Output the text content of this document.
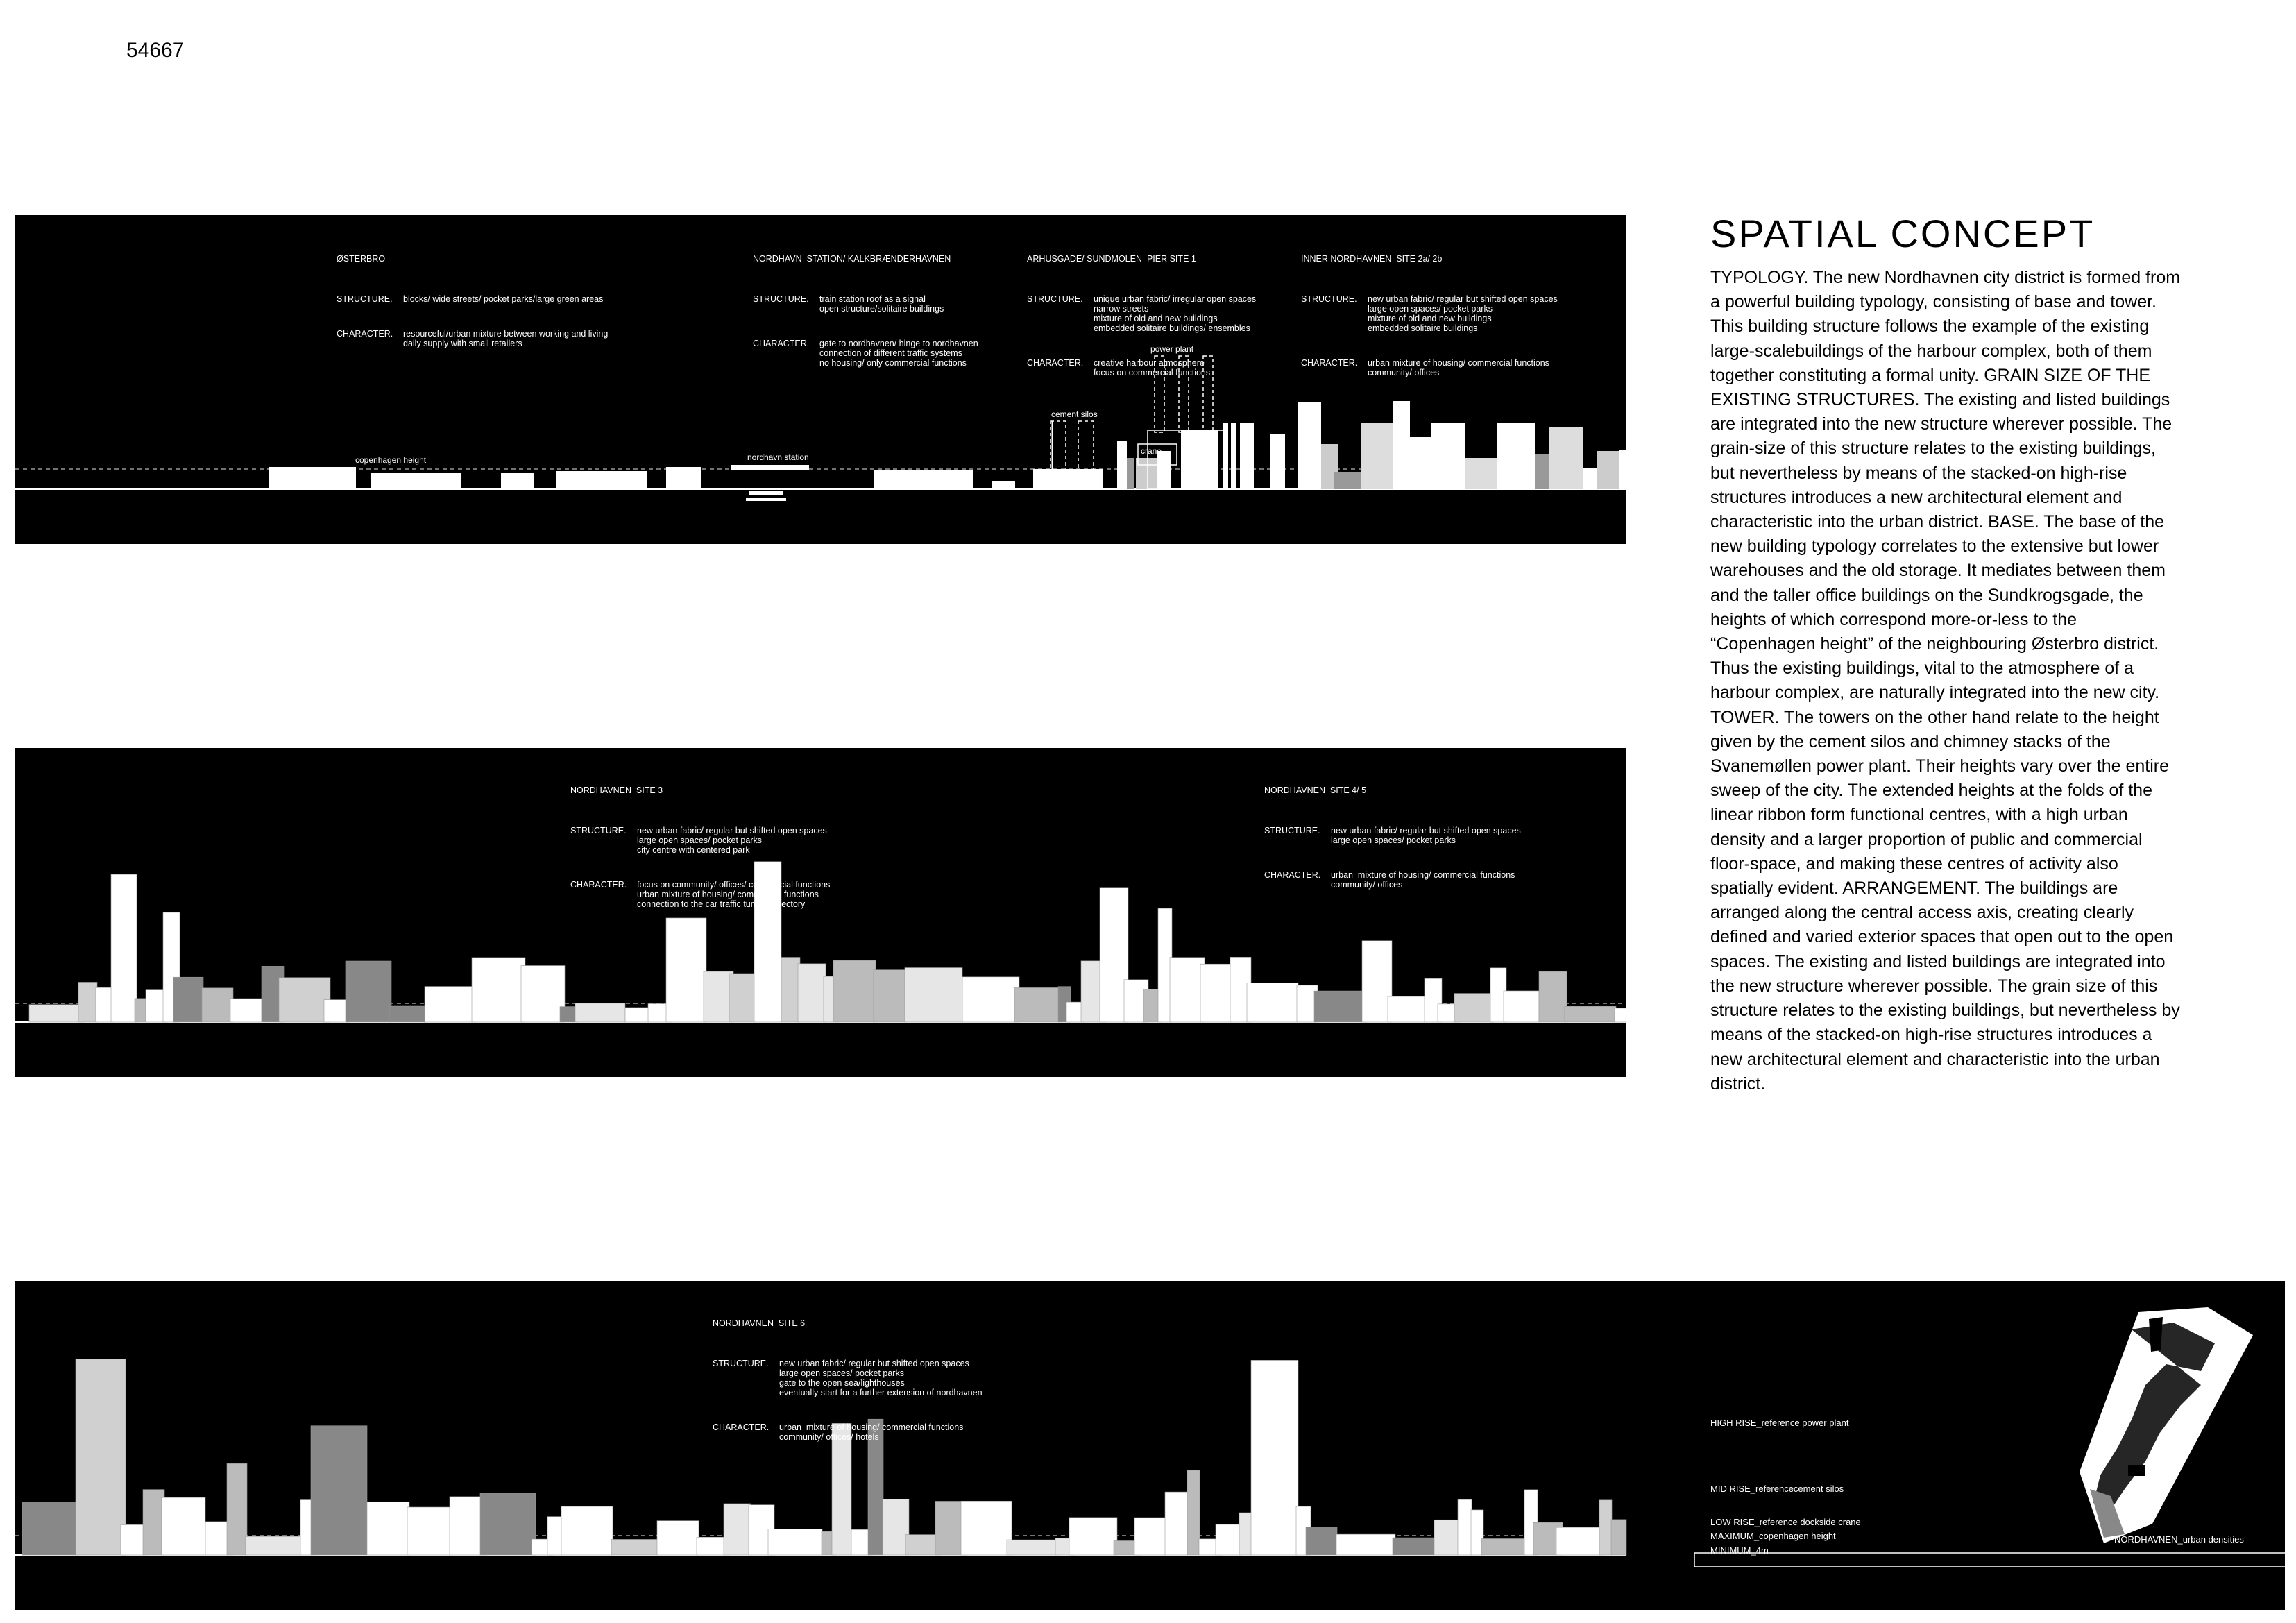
54667

ØSTERBRO

STRUCTURE. blocks/ wide streets/ pocket parks/large green areas

CHARACTER. resourceful/urban mixture between working and living
daily supply with small retailers

NORDHAVN  STATION/ KALKBRÆNDERHAVNEN

STRUCTURE. train station roof as a signal
open structure/solitaire buildings

CHARACTER. gate to nordhavnen/ hinge to nordhavnen
connection of different traffic systems
no housing/ only commercial functions

ARHUSGADE/ SUNDMOLEN  PIER SITE 1

STRUCTURE. unique urban fabric/ irregular open spaces
narrow streets
mixture of old and new buildings
embedded solitaire buildings/ ensembles

CHARACTER. creative harbour atmosphere
focus on commercial functions

INNER NORDHAVNEN  SITE 2a/ 2b

STRUCTURE. new urban fabric/ regular but shifted open spaces
large open spaces/ pocket parks
mixture of old and new buildings
embedded solitaire buildings

CHARACTER. urban mixture of housing/ commercial functions
community/ offices

copenhagen height	nordhavn station
cement silos
power plant
crane

NORDHAVNEN  SITE 3

STRUCTURE. new urban fabric/ regular but shifted open spaces
large open spaces/ pocket parks
city centre with centered park

CHARACTER. focus on community/ offices/ commercial functions
urban mixture of housing/ commercial functions
connection to the car traffic tunnel trajectory

NORDHAVNEN  SITE 4/ 5

STRUCTURE. new urban fabric/ regular but shifted open spaces
large open spaces/ pocket parks

CHARACTER. urban  mixture of housing/ commercial functions
community/ offices

NORDHAVNEN  SITE 6

STRUCTURE. new urban fabric/ regular but shifted open spaces
large open spaces/ pocket parks
gate to the open sea/lighthouses
eventually start for a further extension of nordhavnen

CHARACTER. urban  mixture of housing/ commercial functions
community/ offices/ hotels

HIGH RISE_reference power plant
MID RISE_referencecement silos
LOW RISE_reference dockside crane
MAXIMUM_copenhagen height
MINIMUM_4m
NORDHAVNEN_urban densities
SPATIAL CONCEPT
TYPOLOGY. The new Nordhavnen city district is formed from a powerful building typology, consisting of base and tower. This building structure follows the example of the existing large-scalebuildings of the harbour complex, both of them together constituting a formal unity. GRAIN SIZE OF THE EXISTING STRUCTURES. The existing and listed buildings are integrated into the new structure wherever possible. The grain-size of this structure relates to the existing buildings, but nevertheless by means of the stacked-on high-rise structures introduces a new architectural element and characteristic into the urban district. BASE. The base of the new building typology correlates to the extensive but lower warehouses and the old storage. It mediates between them and the taller office buildings on the Sundkrogsgade, the heights of which correspond more-or-less to the “Copenhagen height” of the neighbouring Østerbro district. Thus the existing buildings, vital to the atmosphere of a harbour complex, are naturally integrated into the new city. TOWER. The towers on the other hand relate to the height given by the cement silos and chimney stacks of the Svanemøllen power plant. Their heights vary over the entire sweep of the city. The extended heights at the folds of the linear ribbon form functional centres, with a high urban density and a larger proportion of public and commercial floor-space, and making these centres of activity also spatially evident. ARRANGEMENT. The buildings are arranged along the central access axis, creating clearly defined and varied exterior spaces that open out to the open spaces. The existing and listed buildings are integrated into the new structure wherever possible. The grain size of this structure relates to the existing buildings, but nevertheless by means of the stacked-on high-rise structures introduces a new architectural element and characteristic into the urban district.
